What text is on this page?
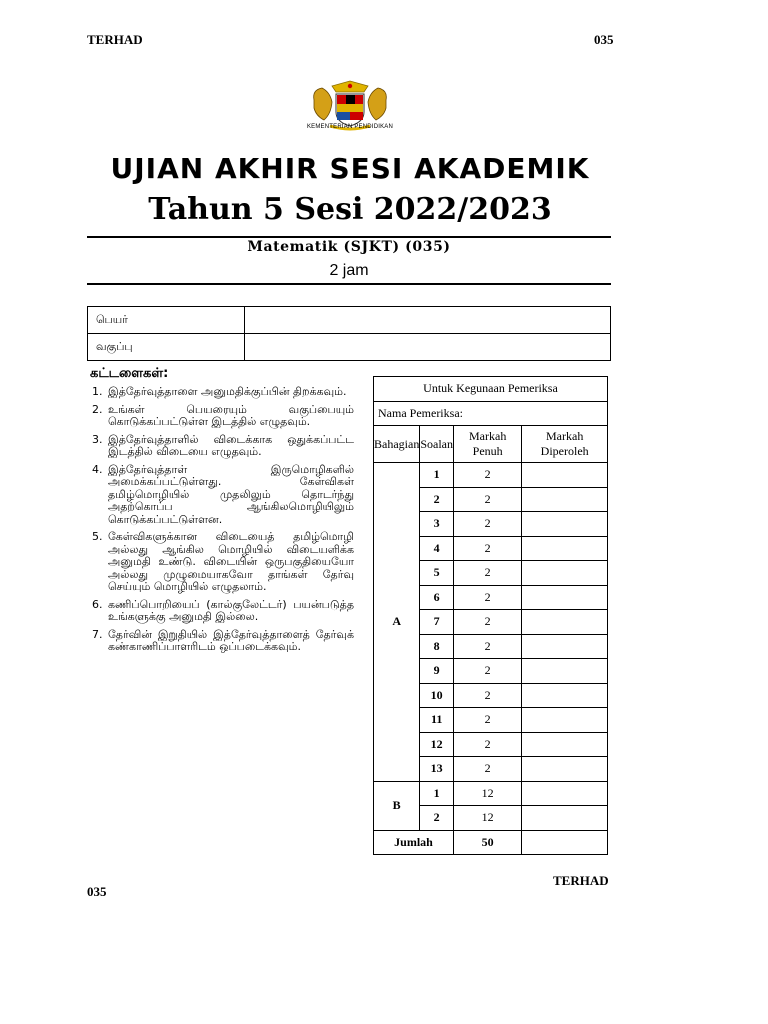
TERHAD	035
KEMENTERIAN PENDIDIKAN
UJIAN AKHIR SESI AKADEMIK
Tahun 5 Sesi 2022/2023
Matematik (SJKT) (035)
2 jam
பெயர்	
வகுப்பு	
கட்டளைகள்:
1. இத்தேர்வுத்தாளை அனுமதிக்குப்பின் திறக்கவும்.
2. உங்கள் பெயரையும் வகுப்பையும் கொடுக்கப்பட்டுள்ள இடத்தில் எழுதவும்.
3. இத்தேர்வுத்தாளில் விடைக்காக ஒதுக்கப்பட்ட இடத்தில் விடையை எழுதவும்.
4. இத்தேர்வுத்தாள் இருமொழிகளில் அமைக்கப்பட்டுள்ளது. கேள்விகள் தமிழ்மொழியில் முதலிலும் தொடர்ந்து அதற்கொப்ப ஆங்கிலமொழியிலும் கொடுக்கப்பட்டுள்ளன.
5. கேள்விகளுக்கான விடையைத் தமிழ்மொழி அல்லது ஆங்கில மொழியில் விடையளிக்க அனுமதி உண்டு. விடையின் ஒருபகுதியையோ அல்லது முழுமையாகவோ தாங்கள் தேர்வு செய்யும் மொழியில் எழுதலாம்.
6. கணிப்பொறியைப் (கால்குலேட்டர்) பயன்படுத்த உங்களுக்கு அனுமதி இல்லை.
7. தேர்வின் இறுதியில் இத்தேர்வுத்தாளைத் தேர்வுக் கண்காணிப்பாளரிடம் ஒப்படைக்கவும்.
Untuk Kegunaan Pemeriksa			
Nama Pemeriksa:			
Bahagian	Soalan	Markah Penuh	Markah Diperoleh
A	1	2	
	2	2	
	3	2	
	4	2	
	5	2	
	6	2	
	7	2	
	8	2	
	9	2	
	10	2	
	11	2	
	12	2	
	13	2	
B	1	12	
	2	12	
Jumlah		50	
035
TERHAD
